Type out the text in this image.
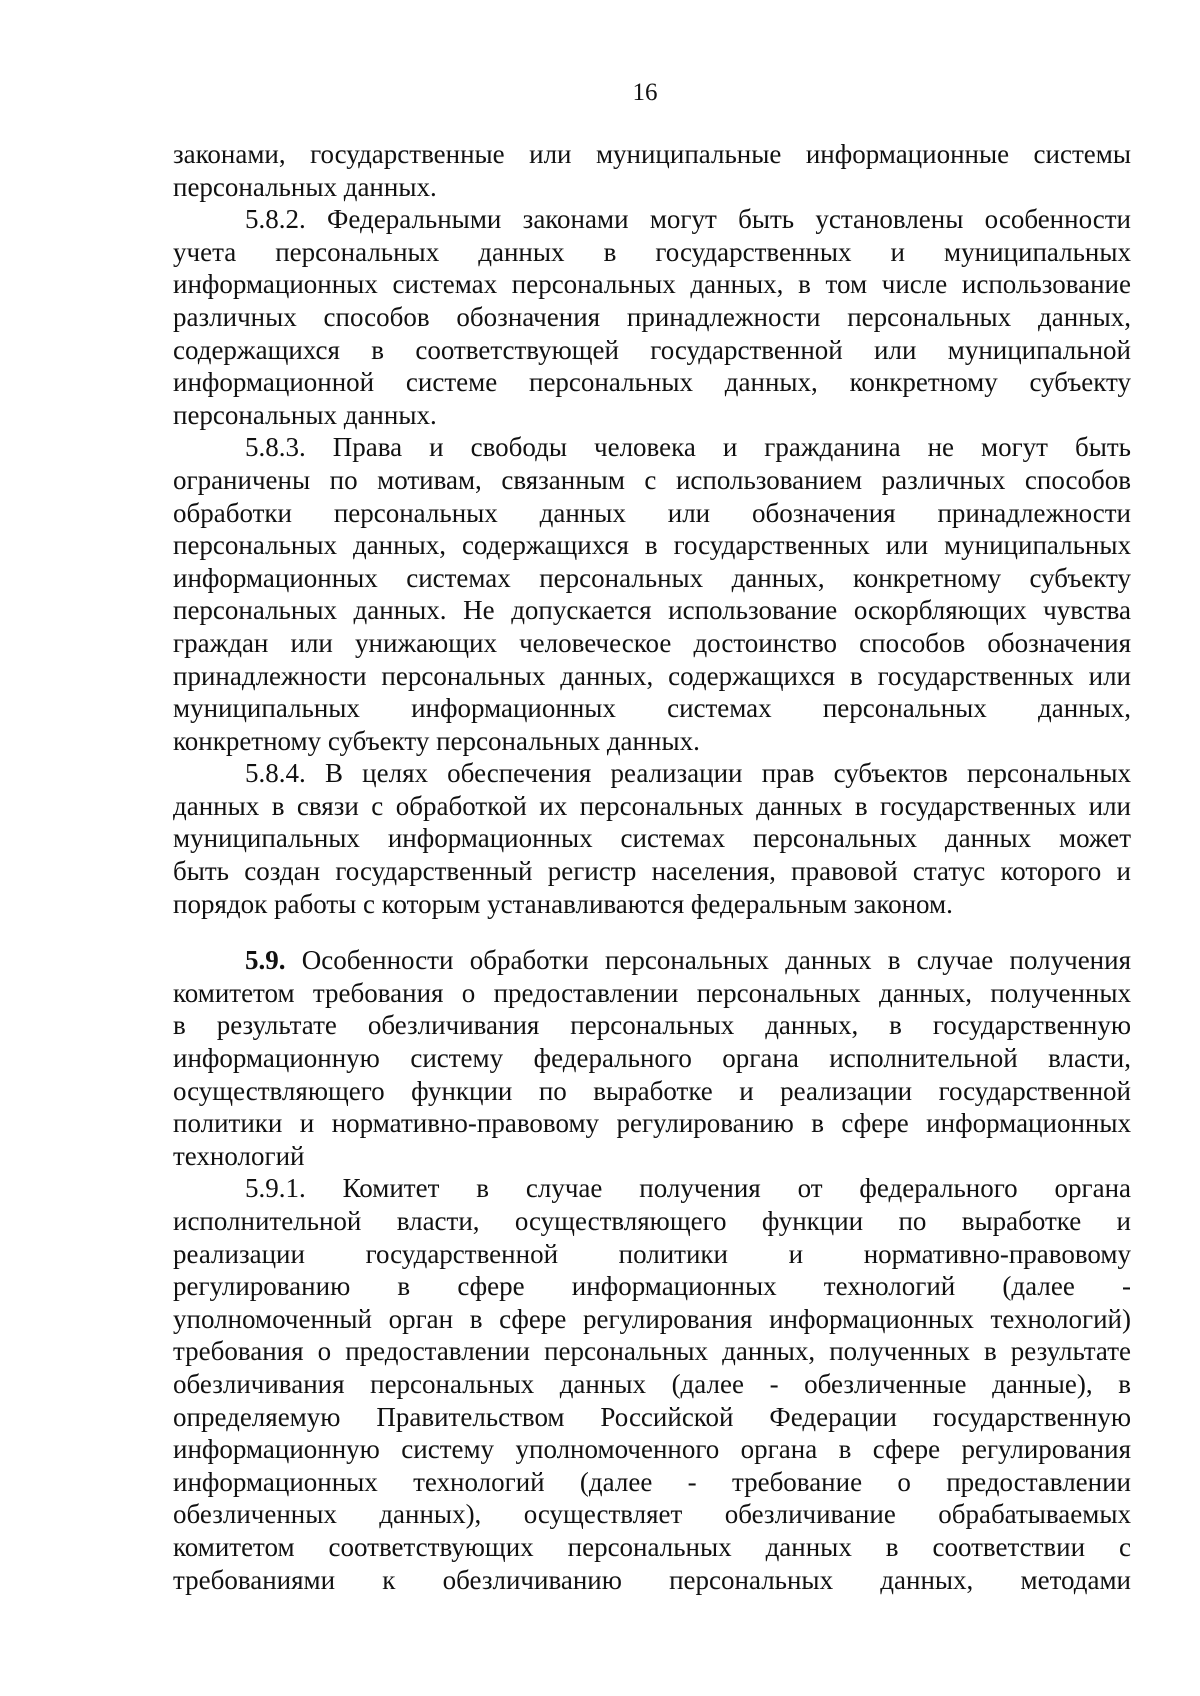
16

законами, государственные или муниципальные информационные системы
персональных данных.

5.8.2. Федеральными законами могут быть установлены особенности
учета персональных данных в государственных и муниципальных
информационных системах персональных данных, в том числе использование
различных способов обозначения принадлежности персональных данных,
содержащихся в соответствующей государственной или муниципальной
информационной системе персональных данных, конкретному субъекту
персональных данных.

5.8.3. Права и свободы человека и гражданина не могут быть
ограничены по мотивам, связанным с использованием различных способов
обработки персональных данных или обозначения принадлежности
персональных данных, содержащихся в государственных или муниципальных
информационных системах персональных данных, конкретному субъекту
персональных данных. Не допускается использование оскорбляющих чувства
граждан или унижающих человеческое достоинство способов обозначения
принадлежности персональных данных, содержащихся в государственных или
муниципальных информационных системах персональных данных,
конкретному субъекту персональных данных.

5.8.4. В целях обеспечения реализации прав субъектов персональных
данных в связи с обработкой их персональных данных в государственных или
муниципальных информационных системах персональных данных может
быть создан государственный регистр населения, правовой статус которого и
порядок работы с которым устанавливаются федеральным законом.

5.9. Особенности обработки персональных данных в случае получения
комитетом требования о предоставлении персональных данных, полученных
в результате обезличивания персональных данных, в государственную
информационную систему федерального органа исполнительной власти,
осуществляющего функции по выработке и реализации государственной
политики и нормативно-правовому регулированию в сфере информационных
технологий

5.9.1. Комитет в случае получения от федерального органа
исполнительной власти, осуществляющего функции по выработке и
реализации государственной политики и нормативно-правовому
регулированию в сфере информационных технологий (далее -
уполномоченный орган в сфере регулирования информационных технологий)
требования о предоставлении персональных данных, полученных в результате
обезличивания персональных данных (далее - обезличенные данные), в
определяемую Правительством Российской Федерации государственную
информационную систему уполномоченного органа в сфере регулирования
информационных технологий (далее - требование о предоставлении
обезличенных данных), осуществляет обезличивание обрабатываемых
комитетом соответствующих персональных данных в соответствии с
требованиями к обезличиванию персональных данных, методами
